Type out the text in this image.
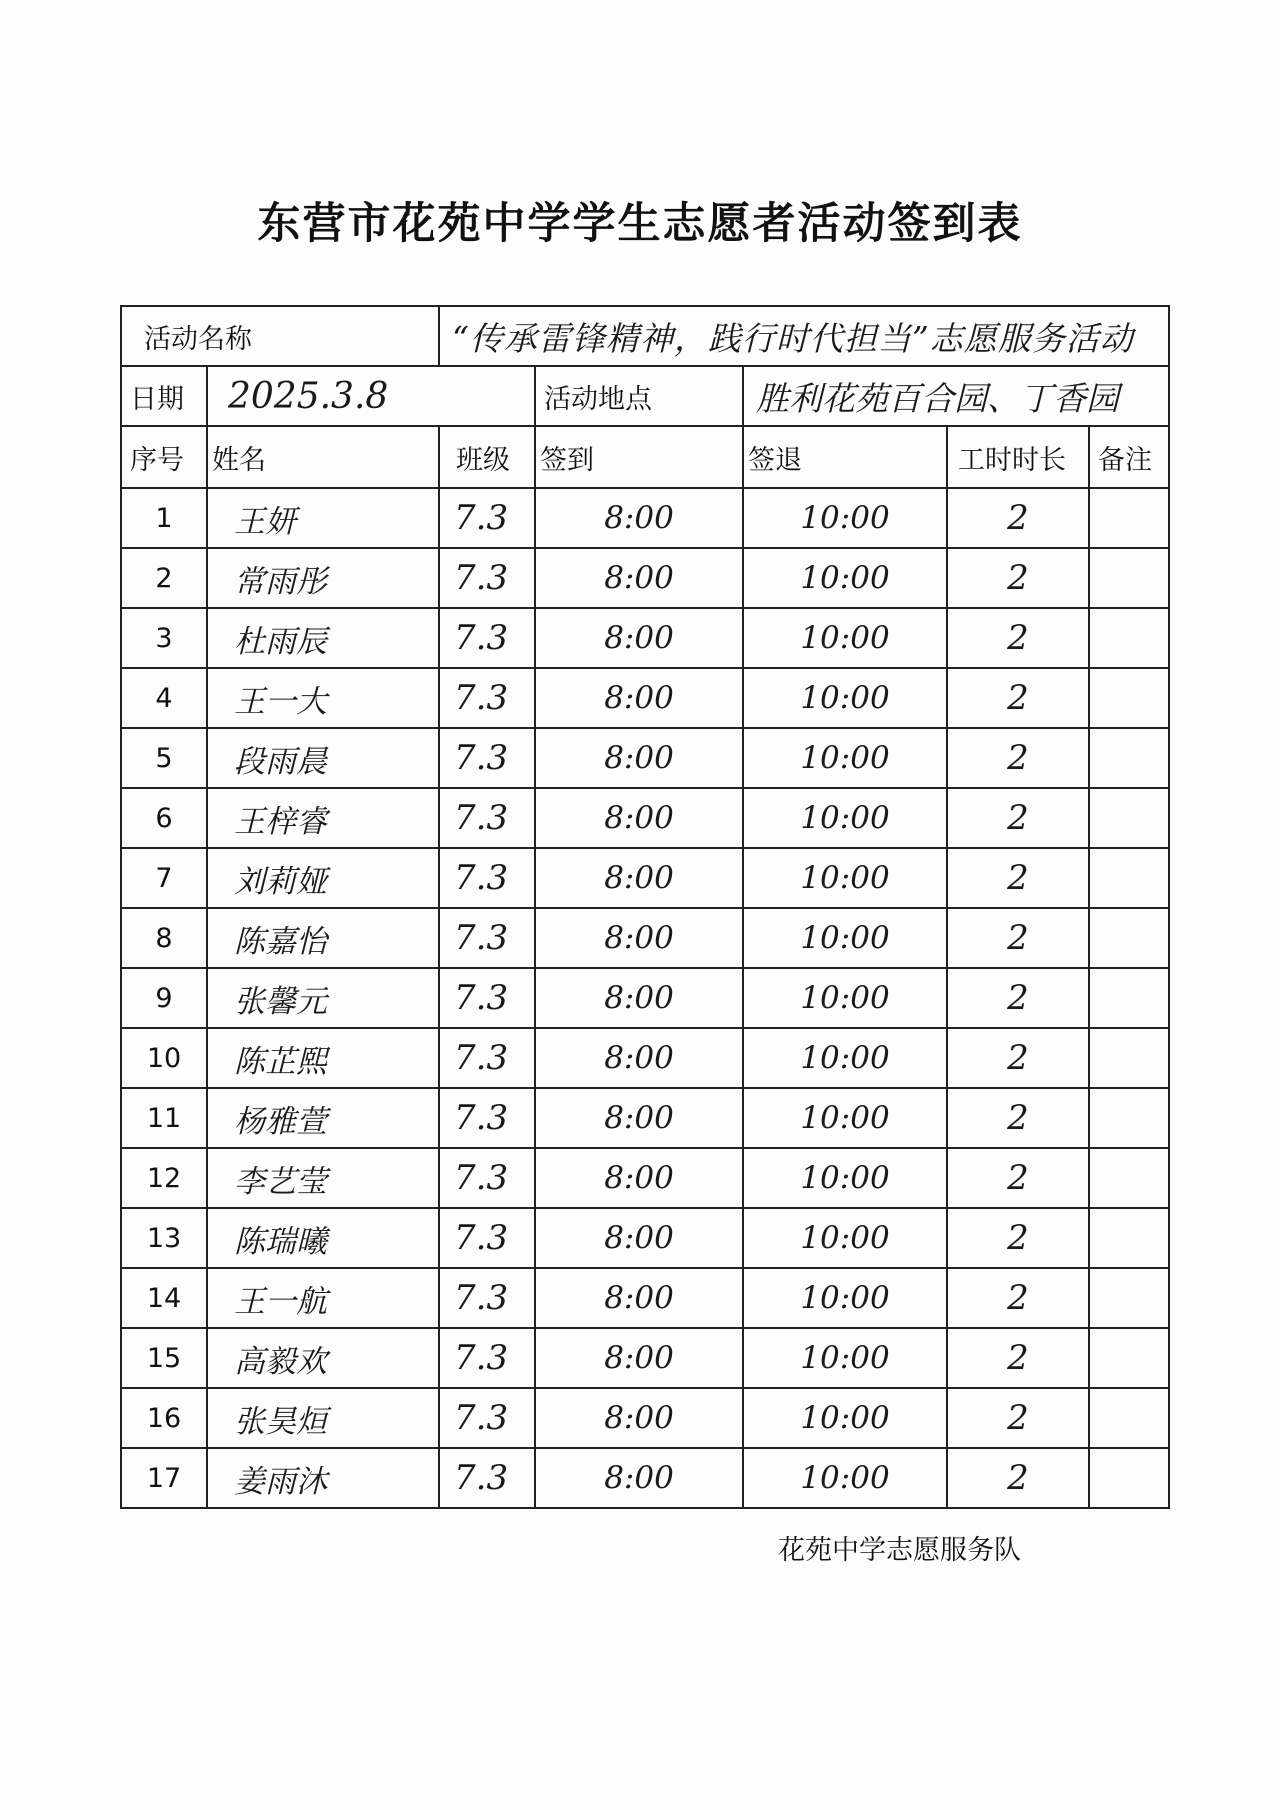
东营市花苑中学学生志愿者活动签到表
活动名称		“传承雷锋精神，践行时代担当”志愿服务活动				
日期	2025.3.8		活动地点	胜利花苑百合园、丁香园		
序号	姓名	班级	签到	签退	工时时长	备注
1	王妍	7.3	8:00	10:00	2	
2	常雨彤	7.3	8:00	10:00	2	
3	杜雨辰	7.3	8:00	10:00	2	
4	王一大	7.3	8:00	10:00	2	
5	段雨晨	7.3	8:00	10:00	2	
6	王梓睿	7.3	8:00	10:00	2	
7	刘莉娅	7.3	8:00	10:00	2	
8	陈嘉怡	7.3	8:00	10:00	2	
9	张馨元	7.3	8:00	10:00	2	
10	陈芷熙	7.3	8:00	10:00	2	
11	杨雅萱	7.3	8:00	10:00	2	
12	李艺莹	7.3	8:00	10:00	2	
13	陈瑞曦	7.3	8:00	10:00	2	
14	王一航	7.3	8:00	10:00	2	
15	高毅欢	7.3	8:00	10:00	2	
16	张昊烜	7.3	8:00	10:00	2	
17	姜雨沐	7.3	8:00	10:00	2	
花苑中学志愿服务队
